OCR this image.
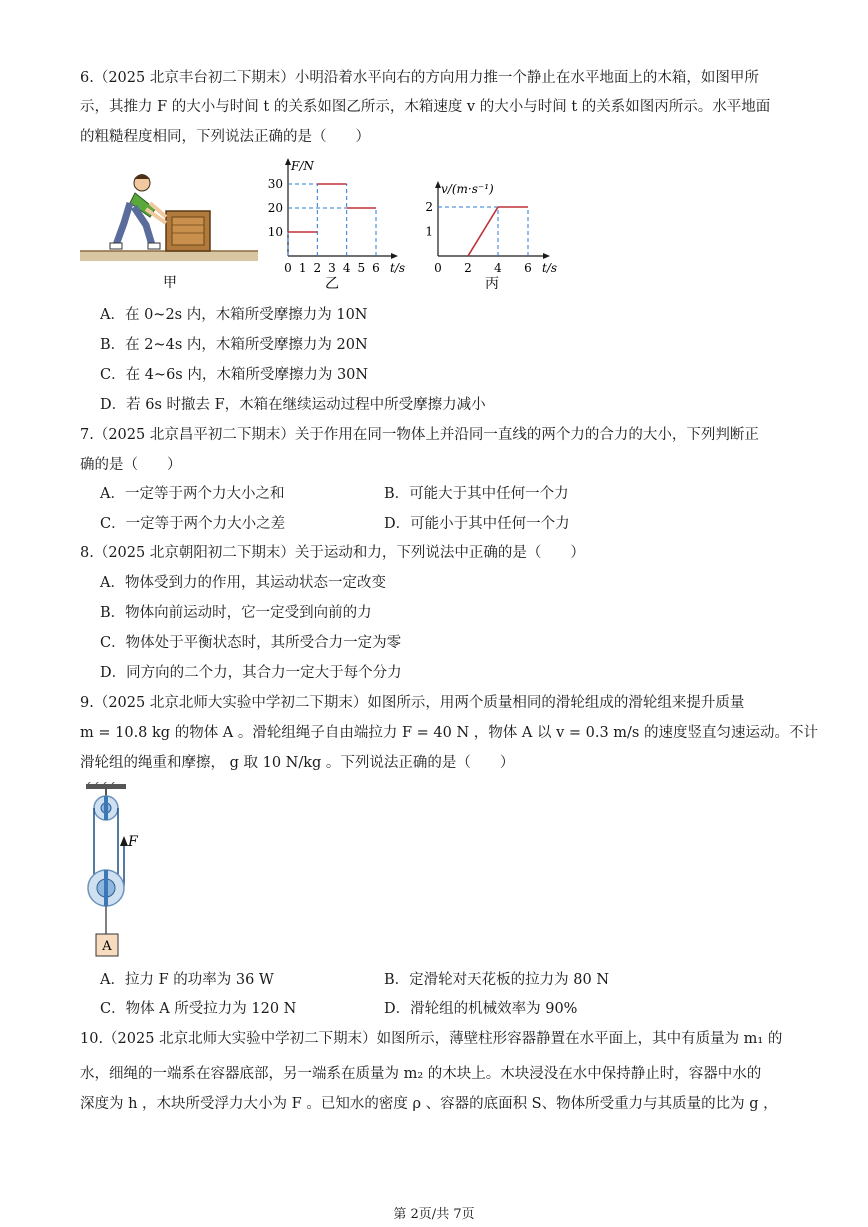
6.（2025 北京丰台初二下期末）小明沿着水平向右的方向用力推一个静止在水平地面上的木箱，如图甲所
示，其推力 F 的大小与时间 t 的关系如图乙所示，木箱速度 v 的大小与时间 t 的关系如图丙所示。水平地面
的粗糙程度相同，下列说法正确的是（　　）
甲
F/N
t/s
0 1 2 3 4 5 6
30
20
10
乙
v/(m·s⁻¹)
t/s
0 2 4 6
2
1
丙
A．在 0~2s 内，木箱所受摩擦力为 10N
B．在 2~4s 内，木箱所受摩擦力为 20N
C．在 4~6s 内，木箱所受摩擦力为 30N
D．若 6s 时撤去 F，木箱在继续运动过程中所受摩擦力减小
7.（2025 北京昌平初二下期末）关于作用在同一物体上并沿同一直线的两个力的合力的大小，下列判断正
确的是（　　）
A．一定等于两个力大小之和	B．可能大于其中任何一个力
C．一定等于两个力大小之差	D．可能小于其中任何一个力
8.（2025 北京朝阳初二下期末）关于运动和力，下列说法中正确的是（　　）
A．物体受到力的作用，其运动状态一定改变
B．物体向前运动时，它一定受到向前的力
C．物体处于平衡状态时，其所受合力一定为零
D．同方向的二个力，其合力一定大于每个分力
9.（2025 北京北师大实验中学初二下期末）如图所示，用两个质量相同的滑轮组成的滑轮组来提升质量
m = 10.8 kg 的物体 A 。滑轮组绳子自由端拉力 F = 40 N ，物体 A 以 v = 0.3 m/s 的速度竖直匀速运动。不计
滑轮组的绳重和摩擦， g 取 10 N/kg 。下列说法正确的是（　　）
F
A
A．拉力 F 的功率为 36 W	B．定滑轮对天花板的拉力为 80 N
C．物体 A 所受拉力为 120 N	D．滑轮组的机械效率为 90%
10.（2025 北京北师大实验中学初二下期末）如图所示，薄壁柱形容器静置在水平面上，其中有质量为 m₁ 的
水，细绳的一端系在容器底部，另一端系在质量为 m₂ 的木块上。木块浸没在水中保持静止时，容器中水的
深度为 h ，木块所受浮力大小为 F 。已知水的密度 ρ 、容器的底面积 S、物体所受重力与其质量的比为 g ，
第 2页/共 7页
